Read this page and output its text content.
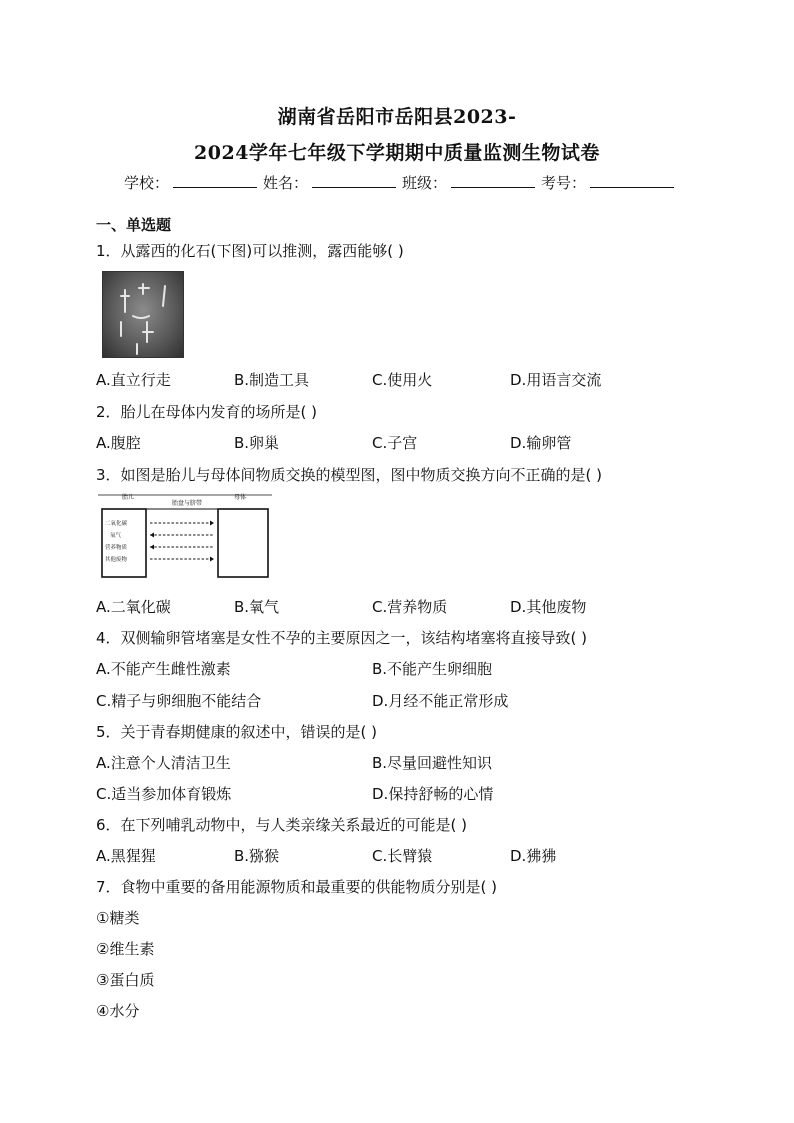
湖南省岳阳市岳阳县2023-
2024学年七年级下学期期中质量监测生物试卷
学校：	姓名：	班级：	考号：
一、单选题
1．从露西的化石(下图)可以推测，露西能够( )
A.直立行走	B.制造工具	C.使用火	D.用语言交流
2．胎儿在母体内发育的场所是( )
A.腹腔	B.卵巢	C.子宫	D.输卵管
3．如图是胎儿与母体间物质交换的模型图，图中物质交换方向不正确的是( )
胎儿
胎盘与脐带
母体
二氧化碳
氧气
营养物质
其他废物
A.二氧化碳	B.氧气	C.营养物质	D.其他废物
4．双侧输卵管堵塞是女性不孕的主要原因之一，该结构堵塞将直接导致( )
A.不能产生雌性激素	B.不能产生卵细胞
C.精子与卵细胞不能结合	D.月经不能正常形成
5．关于青春期健康的叙述中，错误的是( )
A.注意个人清洁卫生	B.尽量回避性知识
C.适当参加体育锻炼	D.保持舒畅的心情
6．在下列哺乳动物中，与人类亲缘关系最近的可能是( )
A.黑猩猩	B.猕猴	C.长臂猿	D.狒狒
7．食物中重要的备用能源物质和最重要的供能物质分别是( )
①糖类
②维生素
③蛋白质
④水分
